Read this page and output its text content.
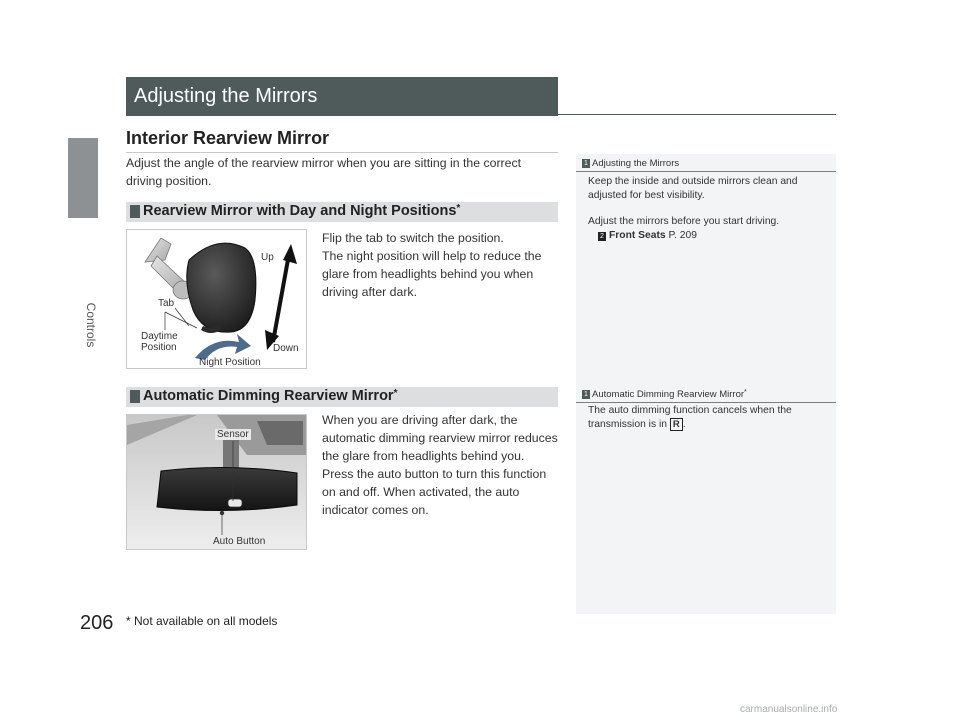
Controls
Adjusting the Mirrors
Interior Rearview Mirror
Adjust the angle of the rearview mirror when you are sitting in the correct driving position.
Rearview Mirror with Day and Night Positions*
Up
Tab
Daytime
Position	Down
Night Position
Flip the tab to switch the position.
The night position will help to reduce the glare from headlights behind you when driving after dark.
Automatic Dimming Rearview Mirror*
Sensor
Auto Button
When you are driving after dark, the automatic dimming rearview mirror reduces the glare from headlights behind you. Press the auto button to turn this function on and off. When activated, the auto indicator comes on.
1 Adjusting the Mirrors
Keep the inside and outside mirrors clean and adjusted for best visibility.
Adjust the mirrors before you start driving.
2 Front Seats P. 209
1 Automatic Dimming Rearview Mirror*
The auto dimming function cancels when the transmission is in R .
206 * Not available on all models
carmanualsonline.info
